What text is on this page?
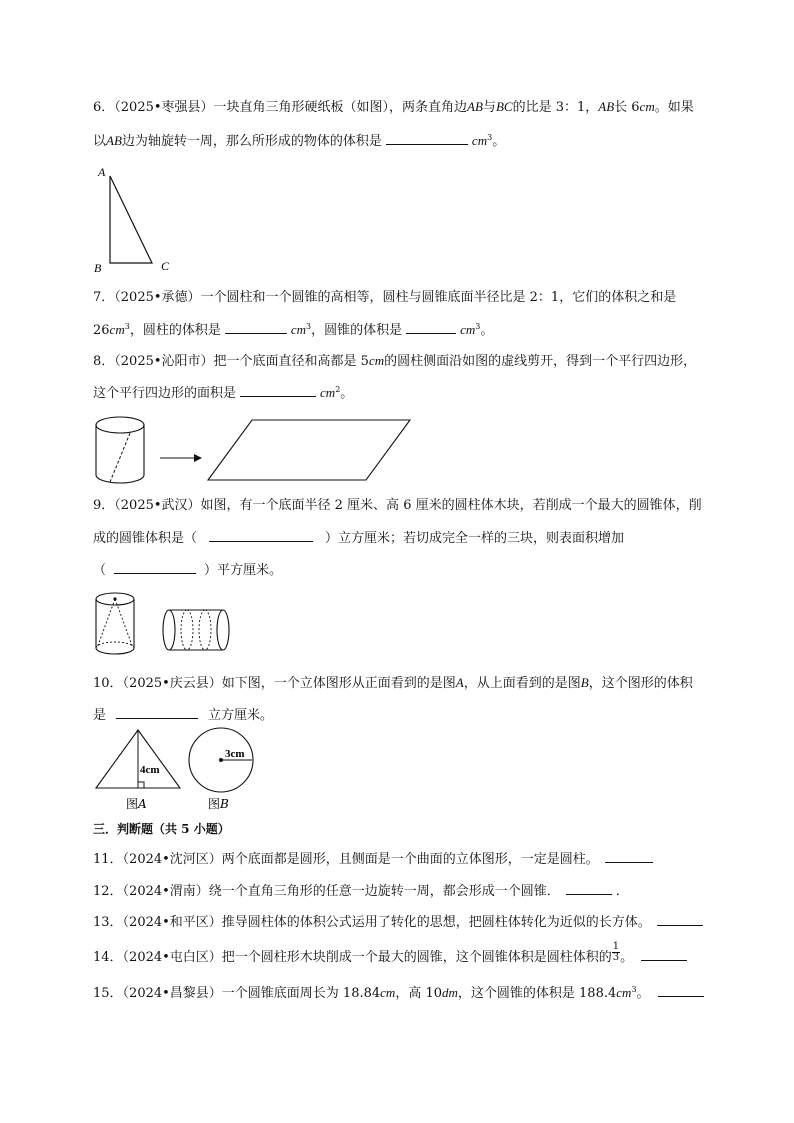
6．（2025•枣强县）一块直角三角形硬纸板（如图），两条直角边AB与BC的比是 3：1，AB长 6cm。如果
以AB边为轴旋转一周，那么所形成的物体的体积是	$cm^3$。
A
B	C
7．（2025•承德）一个圆柱和一个圆锥的高相等，圆柱与圆锥底面半径比是 2：1，它们的体积之和是
$26cm^3$，圆柱的体积是	$cm^3$，圆锥的体积是	$cm^3$。
8．（2025•沁阳市）把一个底面直径和高都是 5cm的圆柱侧面沿如图的虚线剪开，得到一个平行四边形，
这个平行四边形的面积是	$cm^2$。
9．（2025•武汉）如图，有一个底面半径 2 厘米、高 6 厘米的圆柱体木块，若削成一个最大的圆锥体，削
成的圆锥体积是（	）立方厘米；若切成完全一样的三块，则表面积增加
（	）平方厘米。
10．（2025•庆云县）如下图，一个立体图形从正面看到的是图A，从上面看到的是图B，这个图形的体积
是	立方厘米。
4cm
3cm
图A	图B
三．判断题（共 5 小题）
11．（2024•沈河区）两个底面都是圆形，且侧面是一个曲面的立体图形，一定是圆柱。
12．（2024•渭南）绕一个直角三角形的任意一边旋转一周，都会形成一个圆锥．	．
13．（2024•和平区）推导圆柱体的体积公式运用了转化的思想，把圆柱体转化为近似的长方体。
14．（2024•屯白区）把一个圆柱形木块削成一个最大的圆锥，这个圆锥体积是圆柱体积的 $\frac{1}{3}$ 。
15．（2024•昌黎县）一个圆锥底面周长为 18.84cm，高 10dm，这个圆锥的体积是 $188.4cm^3$。
